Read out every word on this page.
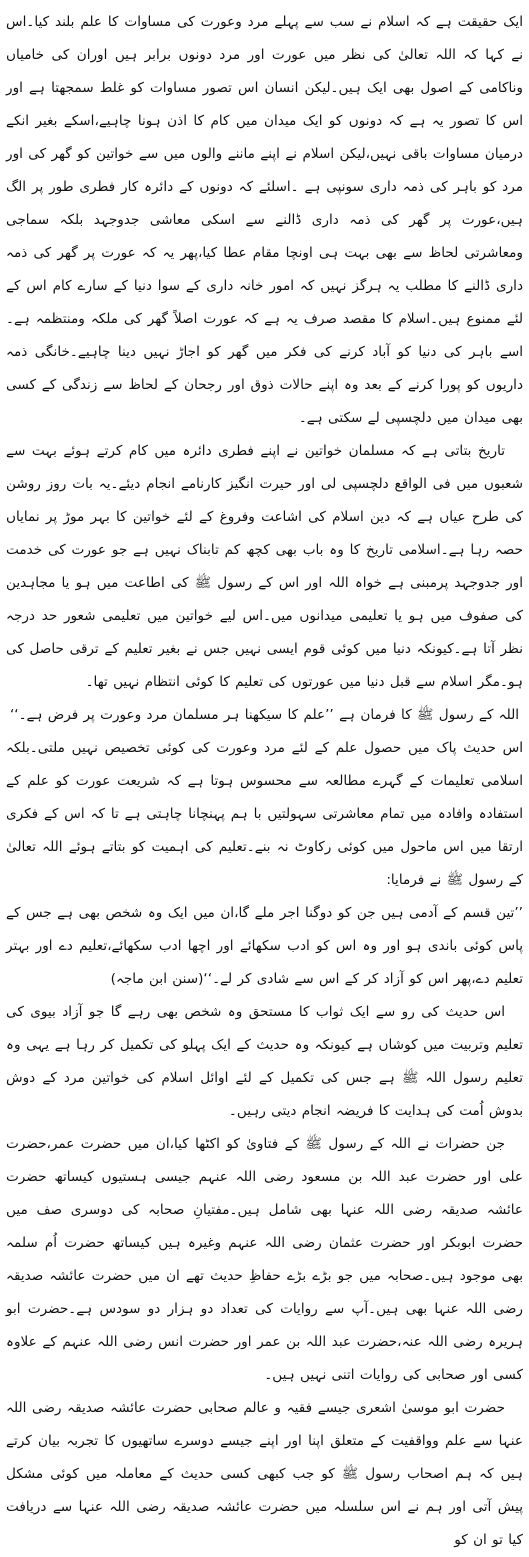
ایک حقیقت ہے کہ اسلام نے سب سے پہلے مرد وعورت کی مساوات کا علم بلند کیا۔اس نے کہا کہ اللہ تعالیٰ کی نظر میں عورت اور مرد دونوں برابر ہیں اوران کی خامیاں وناکامی کے اصول بھی ایک ہیں۔لیکن انسان اس تصور مساوات کو غلط سمجھتا ہے اور اس کا تصور یہ ہے کہ دونوں کو ایک میدان میں کام کا اذن ہونا چاہیے،اسکے بغیر انکے درمیان مساوات باقی نہیں،لیکن اسلام نے اپنے ماننے والوں میں سے خواتین کو گھر کی اور مرد کو باہر کی ذمہ داری سونپی ہے ۔اسلئے کہ دونوں کے دائرہ کار فطری طور پر الگ ہیں،عورت پر گھر کی ذمہ داری ڈالنے سے اسکی معاشی جدوجہد بلکہ سماجی ومعاشرتی لحاظ سے بھی بہت ہی اونچا مقام عطا کیا،پھر یہ کہ عورت پر گھر کی ذمہ داری ڈالنے کا مطلب یہ ہرگز نہیں کہ امور خانہ داری کے سوا دنیا کے سارے کام اس کے لئے ممنوع ہیں۔اسلام کا مقصد صرف یہ ہے کہ عورت اصلاً گھر کی ملکہ ومنتظمہ ہے۔اسے باہر کی دنیا کو آباد کرنے کی فکر میں گھر کو اجاڑ نہیں دینا چاہیے۔خانگی ذمہ داریوں کو پورا کرنے کے بعد وہ اپنے حالات ذوق اور رجحان کے لحاظ سے زندگی کے کسی بھی میدان میں دلچسپی لے سکتی ہے۔

تاریخ بتاتی ہے کہ مسلمان خواتین نے اپنے فطری دائرہ میں کام کرتے ہوئے بہت سے شعبوں میں فی الواقع دلچسپی لی اور حیرت انگیز کارنامے انجام دیئے۔یہ بات روز روشن کی طرح عیاں ہے کہ دین اسلام کی اشاعت وفروغ کے لئے خواتین کا بہر موڑ پر نمایاں حصہ رہا ہے۔اسلامی تاریخ کا وہ باب بھی کچھ کم تابناک نہیں ہے جو عورت کی خدمت اور جدوجہد پرمبنی ہے خواہ اللہ اور اس کے رسول ﷺ کی اطاعت میں ہو یا مجاہدین کی صفوف میں ہو یا تعلیمی میدانوں میں۔اس لیے خواتین میں تعلیمی شعور حد درجہ نظر آتا ہے۔کیونکہ دنیا میں کوئی قوم ایسی نہیں جس نے بغیر تعلیم کے ترقی حاصل کی ہو۔مگر اسلام سے قبل دنیا میں عورتوں کی تعلیم کا کوئی انتظام نہیں تھا۔

اللہ کے رسول ﷺ کا فرمان ہے ’’علم کا سیکھنا ہر مسلمان مرد وعورت پر فرض ہے۔‘‘

اس حدیث پاک میں حصول علم کے لئے مرد وعورت کی کوئی تخصیص نہیں ملتی۔بلکہ اسلامی تعلیمات کے گہرے مطالعہ سے محسوس ہوتا ہے کہ شریعت عورت کو علم کے استفادہ وافادہ میں تمام معاشرتی سہولتیں با ہم پہنچانا چاہتی ہے تا کہ اس کے فکری ارتقا میں اس ماحول میں کوئی رکاوٹ نہ بنے۔تعلیم کی اہمیت کو بتاتے ہوئے اللہ تعالیٰ کے رسول ﷺ نے فرمایا:

’’تین قسم کے آدمی ہیں جن کو دوگنا اجر ملے گا،ان میں ایک وہ شخص بھی ہے جس کے پاس کوئی باندی ہو اور وہ اس کو ادب سکھائے اور اچھا ادب سکھائے،تعلیم دے اور بہتر تعلیم دے،پھر اس کو آزاد کر کے اس سے شادی کر لے۔‘‘(سنن ابن ماجہ)

اس حدیث کی رو سے ایک ثواب کا مستحق وہ شخص بھی رہے گا جو آزاد بیوی کی تعلیم وتربیت میں کوشاں ہے کیونکہ وہ حدیث کے ایک پہلو کی تکمیل کر رہا ہے یہی وہ تعلیم رسول اللہ ﷺ ہے جس کی تکمیل کے لئے اوائل اسلام کی خواتین مرد کے دوش بدوش اُمت کی ہدایت کا فریضہ انجام دیتی رہیں۔

جن حضرات نے اللہ کے رسول ﷺ کے فتاویٰ کو اکٹھا کیا،ان میں حضرت عمر،حضرت علی اور حضرت عبد اللہ بن مسعود رضی اللہ عنہم جیسی ہستیوں کیساتھ حضرت عائشہ صدیقہ رضی اللہ عنہا بھی شامل ہیں۔مفتیانِ صحابہ کی دوسری صف میں حضرت ابوبکر اور حضرت عثمان رضی اللہ عنہم وغیرہ ہیں کیساتھ حضرت اُم سلمہ بھی موجود ہیں۔صحابہ میں جو بڑے بڑے حفاظِ حدیث تھے ان میں حضرت عائشہ صدیقہ رضی اللہ عنہا بھی ہیں۔آپ سے روایات کی تعداد دو ہزار دو سودس ہے۔حضرت ابو ہریرہ رضی اللہ عنہ،حضرت عبد اللہ بن عمر اور حضرت انس رضی اللہ عنہم کے علاوہ کسی اور صحابی کی روایات اتنی نہیں ہیں۔

حضرت ابو موسیٰ اشعری جیسے فقیہ و عالم صحابی حضرت عائشہ صدیقہ رضی اللہ عنہا سے علم وواقفیت کے متعلق اپنا اور اپنے جیسے دوسرے ساتھیوں کا تجربہ بیان کرتے ہیں کہ ہم اصحاب رسول ﷺ کو جب کبھی کسی حدیث کے معاملہ میں کوئی مشکل پیش آتی اور ہم نے اس سلسلہ میں حضرت عائشہ صدیقہ رضی اللہ عنہا سے دریافت کیا تو ان کو
